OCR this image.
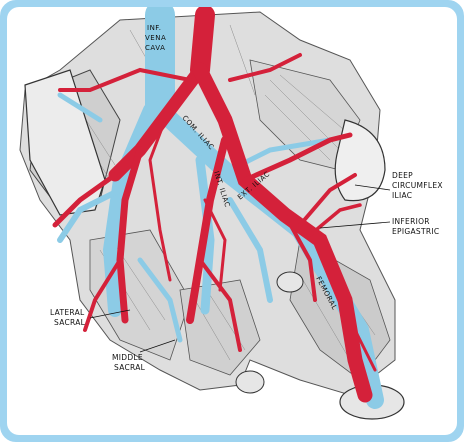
INF.
VENA
CAVA
COM. ILIAC
INT. ILIAC EXT. ILIAC
FEMORAL
DEEP
CIRCUMFLEX
ILIAC
INFERIOR
EPIGASTRIC
LATERAL
SACRAL
MIDDLE
SACRAL
